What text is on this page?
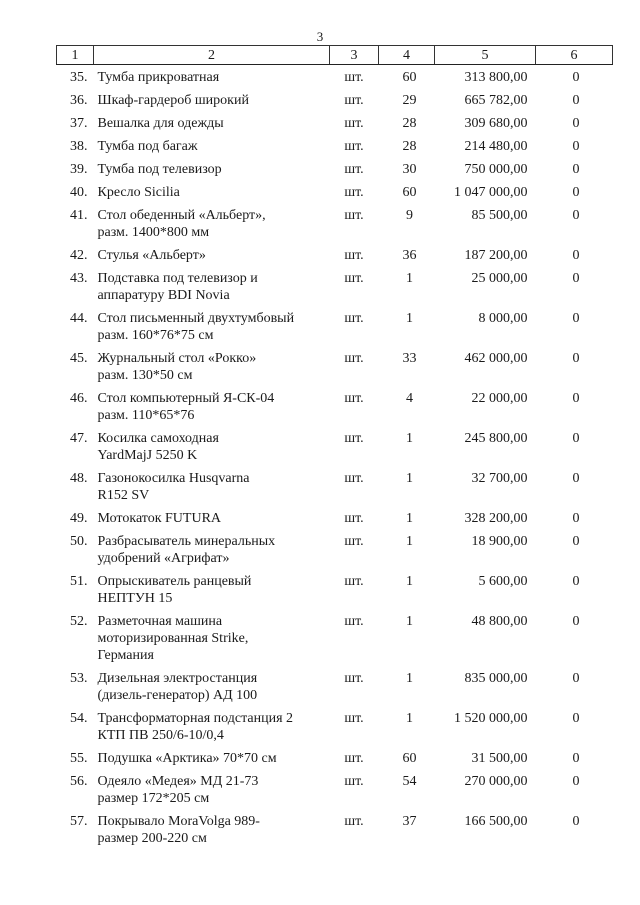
3
1	2	3	4	5	6
35.	Тумба прикроватная	шт.	60	313 800,00	0
36.	Шкаф-гардероб широкий	шт.	29	665 782,00	0
37.	Вешалка для одежды	шт.	28	309 680,00	0
38.	Тумба под багаж	шт.	28	214 480,00	0
39.	Тумба под телевизор	шт.	30	750 000,00	0
40.	Кресло Sicilia	шт.	60	1 047 000,00	0
41.	Стол обеденный «Альберт»,
разм. 1400*800 мм	шт.	9	85 500,00	0
42.	Стулья «Альберт»	шт.	36	187 200,00	0
43.	Подставка под телевизор и
аппаратуру BDI Novia	шт.	1	25 000,00	0
44.	Стол письменный двухтумбовый
разм. 160*76*75 см	шт.	1	8 000,00	0
45.	Журнальный стол «Рокко»
разм. 130*50 см	шт.	33	462 000,00	0
46.	Стол компьютерный Я-СК-04
разм. 110*65*76	шт.	4	22 000,00	0
47.	Косилка самоходная
YardMajJ 5250 K	шт.	1	245 800,00	0
48.	Газонокосилка Husqvarna
R152 SV	шт.	1	32 700,00	0
49.	Мотокаток FUTURA	шт.	1	328 200,00	0
50.	Разбрасыватель минеральных
удобрений «Агрифат»	шт.	1	18 900,00	0
51.	Опрыскиватель ранцевый
НЕПТУН 15	шт.	1	5 600,00	0
52.	Разметочная машина
моторизированная Strike,
Германия	шт.	1	48 800,00	0
53.	Дизельная электростанция
(дизель-генератор) АД 100	шт.	1	835 000,00	0
54.	Трансформаторная подстанция 2
КТП ПВ 250/6-10/0,4	шт.	1	1 520 000,00	0
55.	Подушка «Арктика» 70*70 см	шт.	60	31 500,00	0
56.	Одеяло «Медея» МД 21-73
размер 172*205 см	шт.	54	270 000,00	0
57.	Покрывало MoraVolga 989-
размер 200-220 см	шт.	37	166 500,00	0
